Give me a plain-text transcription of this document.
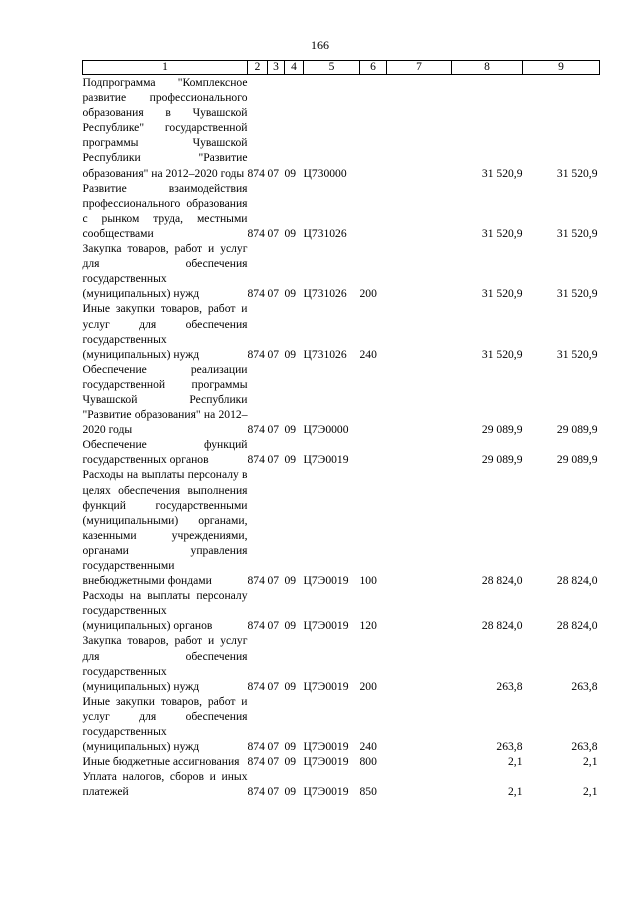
166
1	2	3	4	5	6	7	8	9
Подпрограмма "Комплексное развитие профессионального образования в Чувашской Республике" государственной программы Чувашской Республики "Развитие образования" на 2012–2020 годы	874	07	09	Ц730000			31 520,9	31 520,9
Развитие взаимодействия профессионального образования с рынком труда, местными сообществами	874	07	09	Ц731026			31 520,9	31 520,9
Закупка товаров, работ и услуг для обеспечения государственных (муниципальных) нужд	874	07	09	Ц731026	200		31 520,9	31 520,9
Иные закупки товаров, работ и услуг для обеспечения государственных (муниципальных) нужд	874	07	09	Ц731026	240		31 520,9	31 520,9
Обеспечение реализации государственной программы Чувашской Республики "Развитие образования" на 2012–2020 годы	874	07	09	Ц7Э0000			29 089,9	29 089,9
Обеспечение функций государственных органов	874	07	09	Ц7Э0019			29 089,9	29 089,9
Расходы на выплаты персоналу в целях обеспечения выполнения функций государственными (муниципальными) органами, казенными учреждениями, органами управления государственными внебюджетными фондами	874	07	09	Ц7Э0019	100		28 824,0	28 824,0
Расходы на выплаты персоналу государственных (муниципальных) органов	874	07	09	Ц7Э0019	120		28 824,0	28 824,0
Закупка товаров, работ и услуг для обеспечения государственных (муниципальных) нужд	874	07	09	Ц7Э0019	200		263,8	263,8
Иные закупки товаров, работ и услуг для обеспечения государственных (муниципальных) нужд	874	07	09	Ц7Э0019	240		263,8	263,8
Иные бюджетные ассигнования	874	07	09	Ц7Э0019	800		2,1	2,1
Уплата налогов, сборов и иных платежей	874	07	09	Ц7Э0019	850		2,1	2,1
